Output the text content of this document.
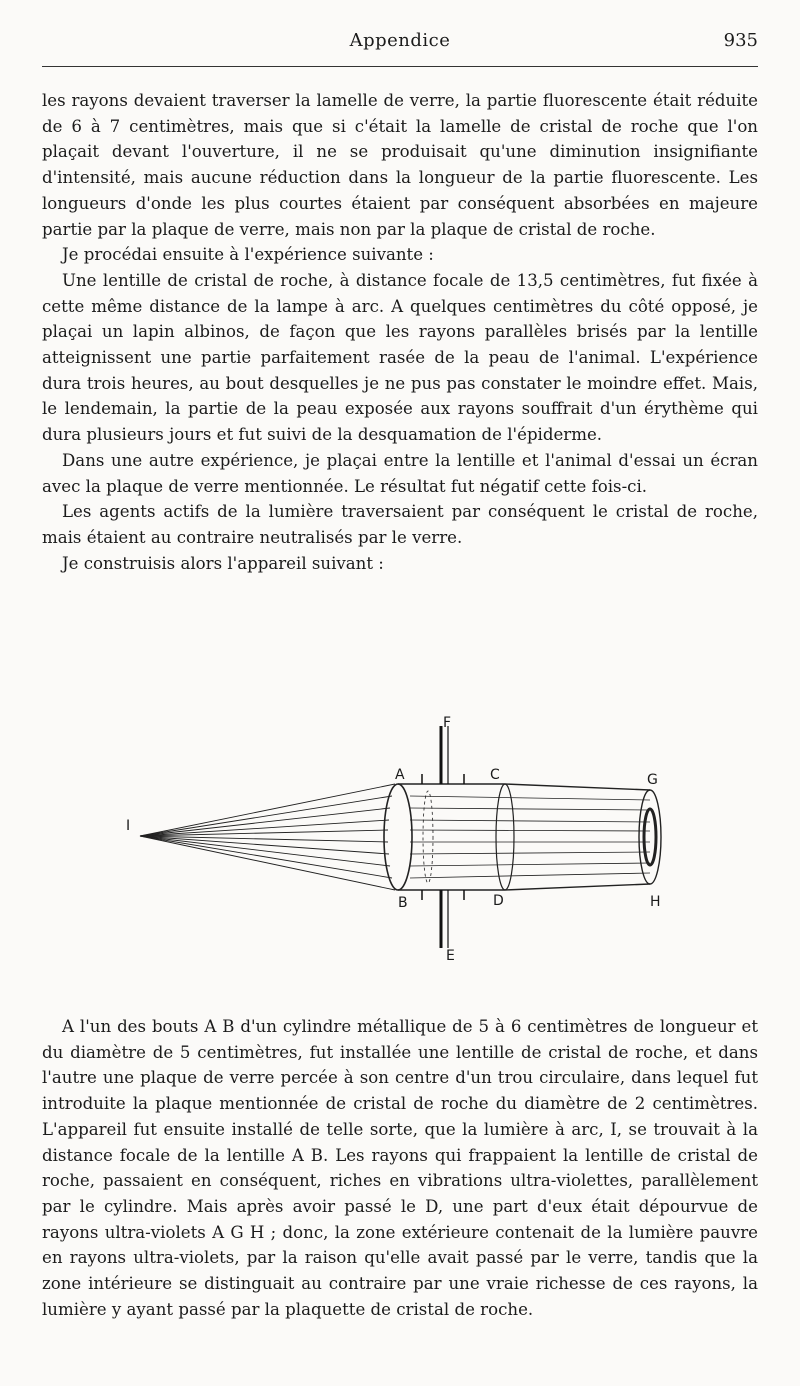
Appendice	935

les rayons devaient traverser la lamelle de verre, la partie fluorescente était réduite de 6 à 7 centimètres, mais que si c'était la lamelle de cristal de roche que l'on plaçait devant l'ouverture, il ne se produisait qu'une diminution insignifiante d'intensité, mais aucune réduction dans la longueur de la partie fluorescente. Les longueurs d'onde les plus courtes étaient par conséquent absorbées en majeure partie par la plaque de verre, mais non par la plaque de cristal de roche.

Je procédai ensuite à l'expérience suivante :

Une lentille de cristal de roche, à distance focale de 13,5 centimètres, fut fixée à cette même distance de la lampe à arc. A quelques centimètres du côté opposé, je plaçai un lapin albinos, de façon que les rayons parallèles brisés par la lentille atteignissent une partie parfaitement rasée de la peau de l'animal. L'expérience dura trois heures, au bout desquelles je ne pus pas constater le moindre effet. Mais, le lendemain, la partie de la peau exposée aux rayons souffrait d'un érythème qui dura plusieurs jours et fut suivi de la desquamation de l'épiderme.

Dans une autre expérience, je plaçai entre la lentille et l'animal d'essai un écran avec la plaque de verre mentionnée. Le résultat fut négatif cette fois-ci.

Les agents actifs de la lumière traversaient par conséquent le cristal de roche, mais étaient au contraire neutralisés par le verre.

Je construisis alors l'appareil suivant :

I
A
B
C
D
E
F
G
H

A l'un des bouts A B d'un cylindre métallique de 5 à 6 centimètres de longueur et du diamètre de 5 centimètres, fut installée une lentille de cristal de roche, et dans l'autre une plaque de verre percée à son centre d'un trou circulaire, dans lequel fut introduite la plaque mentionnée de cristal de roche du diamètre de 2 centimètres. L'appareil fut ensuite installé de telle sorte, que la lumière à arc, I, se trouvait à la distance focale de la lentille A B. Les rayons qui frappaient la lentille de cristal de roche, passaient en conséquent, riches en vibrations ultra-violettes, parallèlement par le cylindre. Mais après avoir passé le D, une part d'eux était dépourvue de rayons ultra-violets A G H ; donc, la zone extérieure contenait de la lumière pauvre en rayons ultra-violets, par la raison qu'elle avait passé par le verre, tandis que la zone intérieure se distinguait au contraire par une vraie richesse de ces rayons, la lumière y ayant passé par la plaquette de cristal de roche.
